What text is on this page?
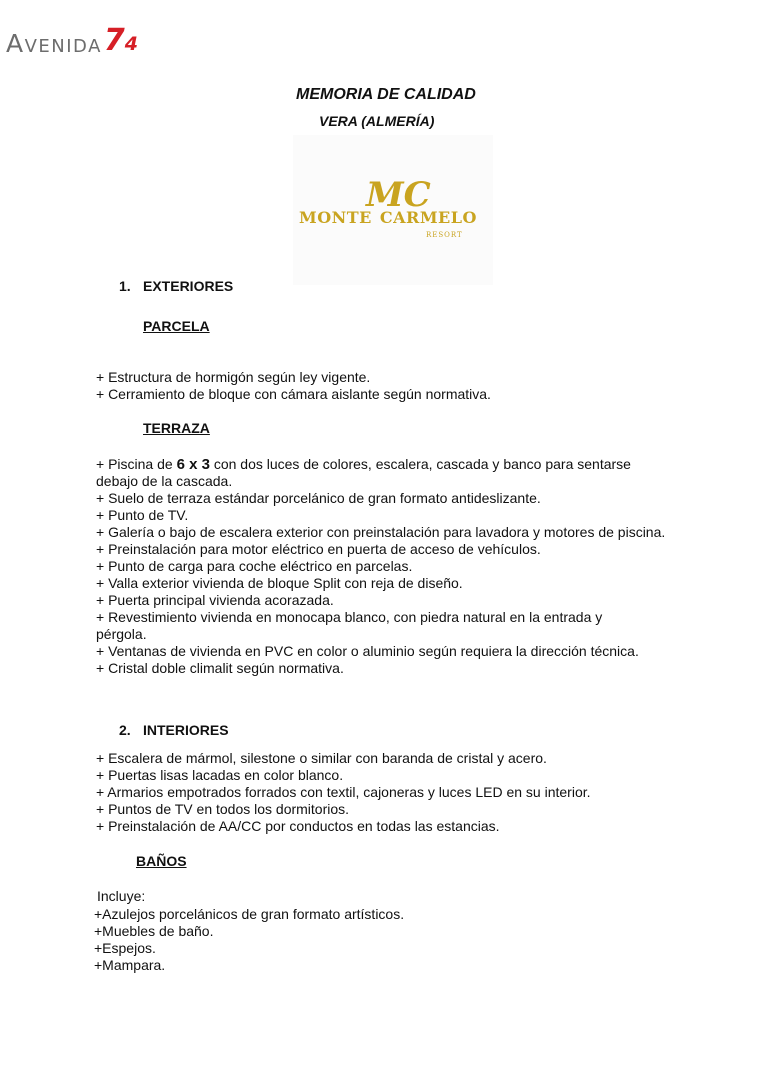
Avenida 74
MEMORIA DE CALIDAD
VERA (ALMERÍA)
MC
MONTE CARMELO
RESORT
1. EXTERIORES
PARCELA
+ Estructura de hormigón según ley vigente.
+ Cerramiento de bloque con cámara aislante según normativa.
TERRAZA
+ Piscina de 6 x 3 con dos luces de colores, escalera, cascada y banco para sentarse
debajo de la cascada.
+ Suelo de terraza estándar porcelánico de gran formato antideslizante.
+ Punto de TV.
+ Galería o bajo de escalera exterior con preinstalación para lavadora y motores de piscina.
+ Preinstalación para motor eléctrico en puerta de acceso de vehículos.
+ Punto de carga para coche eléctrico en parcelas.
+ Valla exterior vivienda de bloque Split con reja de diseño.
+ Puerta principal vivienda acorazada.
+ Revestimiento vivienda en monocapa blanco, con piedra natural en la entrada y
pérgola.
+ Ventanas de vivienda en PVC en color o aluminio según requiera la dirección técnica.
+ Cristal doble climalit según normativa.
2. INTERIORES
+ Escalera de mármol, silestone o similar con baranda de cristal y acero.
+ Puertas lisas lacadas en color blanco.
+ Armarios empotrados forrados con textil, cajoneras y luces LED en su interior.
+ Puntos de TV en todos los dormitorios.
+ Preinstalación de AA/CC por conductos en todas las estancias.
BAÑOS
Incluye:
+Azulejos porcelánicos de gran formato artísticos.
+Muebles de baño.
+Espejos.
+Mampara.
